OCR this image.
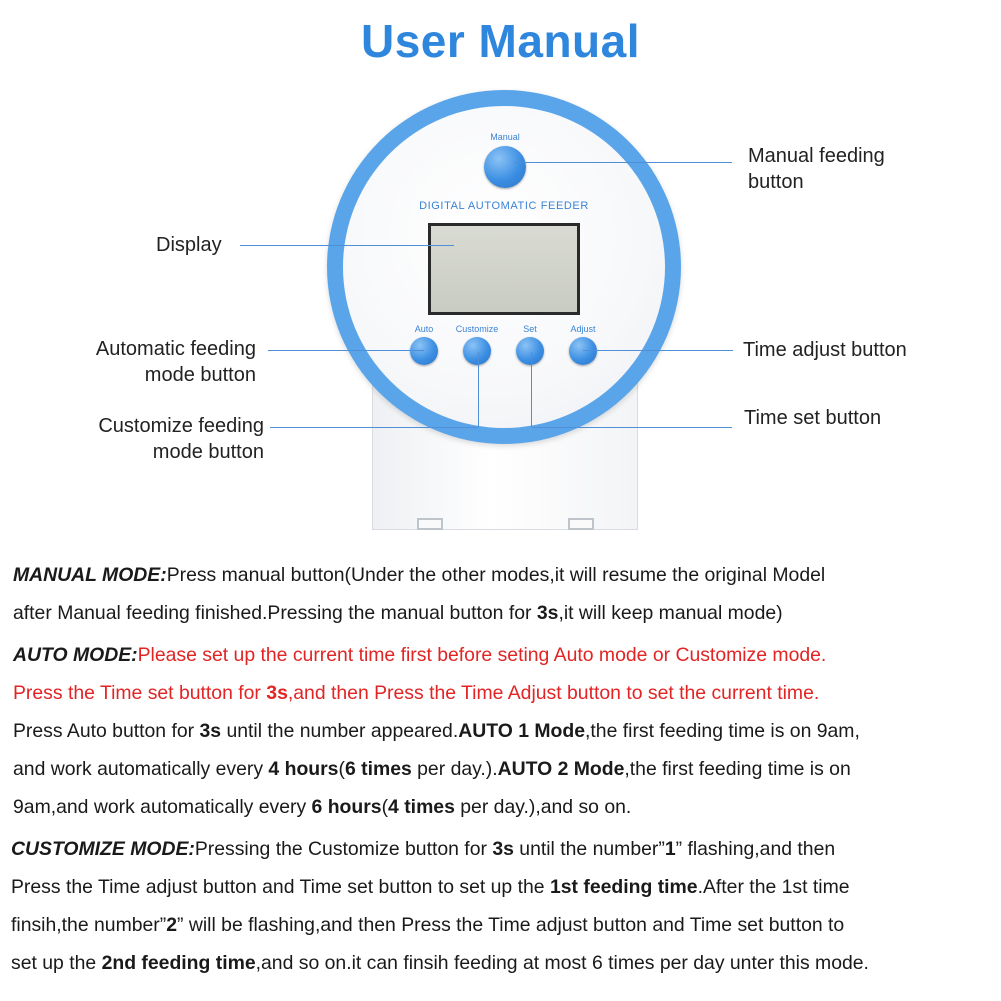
User Manual
Manual
DIGITAL AUTOMATIC FEEDER
Auto	Customize	Set	Adjust
Manual feeding
button
Display
Automatic feeding
mode button
Time adjust button
Customize feeding
mode button
Time set button

MANUAL MODE:Press manual button(Under the other modes,it will resume the original Model

after Manual feeding finished.Pressing the manual button for 3s,it will keep manual mode)

AUTO MODE:Please set up the current time first before seting Auto mode or Customize mode.

Press the Time set button for 3s,and then Press the Time Adjust button to set the current time.

Press Auto button for 3s until the number appeared.AUTO 1 Mode,the first feeding time is on 9am,

and work automatically every 4 hours(6 times per day.).AUTO 2 Mode,the first feeding time is on

9am,and work automatically every 6 hours(4 times per day.),and so on.

CUSTOMIZE MODE:Pressing the Customize button for 3s until the number”1” flashing,and then

Press the Time adjust button and Time set button to set up the 1st feeding time.After the 1st time

finsih,the number”2” will be flashing,and then Press the Time adjust button and Time set button to

set up the 2nd feeding time,and so on.it can finsih feeding at most 6 times per day unter this mode.
